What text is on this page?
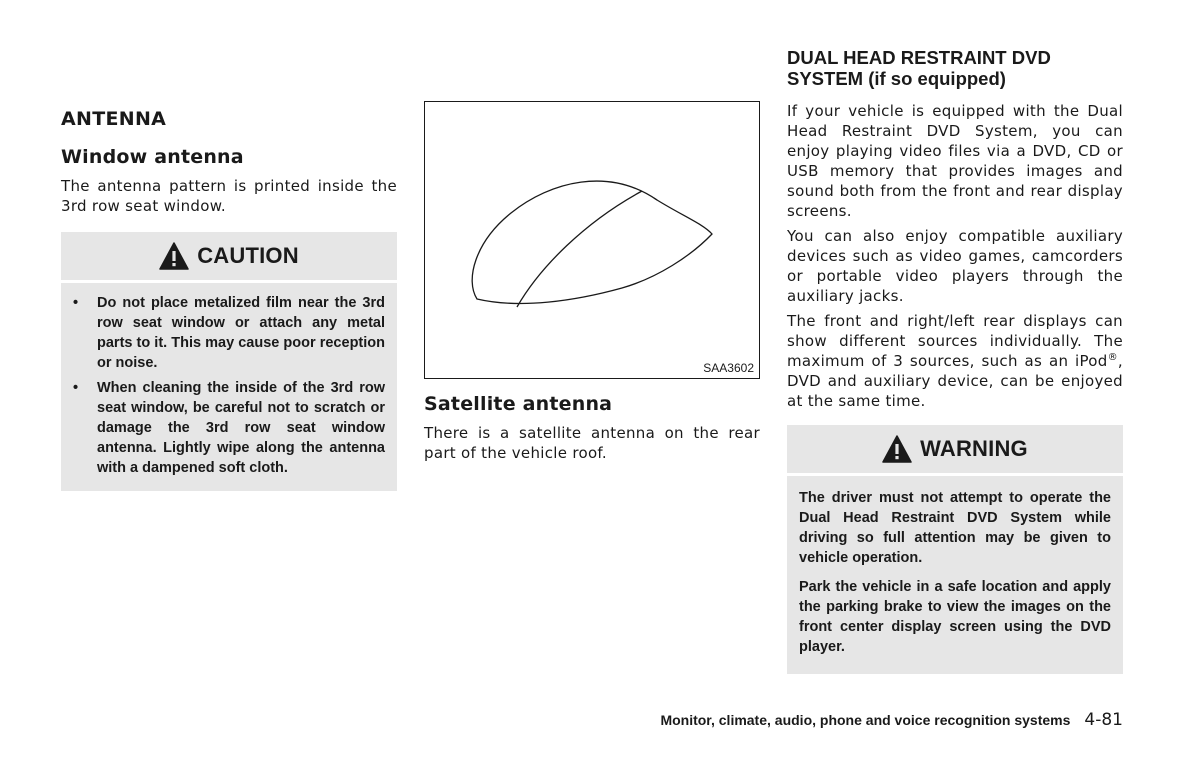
ANTENNA
Window antenna

The antenna pattern is printed inside the 3rd row seat window.

CAUTION
• Do not place metalized film near the 3rd row seat window or attach any metal parts to it. This may cause poor reception or noise.
• When cleaning the inside of the 3rd row seat window, be careful not to scratch or damage the 3rd row seat window antenna. Lightly wipe along the antenna with a dampened soft cloth.
SAA3602
Satellite antenna

There is a satellite antenna on the rear part of the vehicle roof.

DUAL HEAD RESTRAINT DVD SYSTEM (if so equipped)

If your vehicle is equipped with the Dual Head Restraint DVD System, you can enjoy playing video files via a DVD, CD or USB memory that provides images and sound both from the front and rear display screens.

You can also enjoy compatible auxiliary devices such as video games, camcorders or portable video players through the auxiliary jacks.

The front and right/left rear displays can show different sources individually. The maximum of 3 sources, such as an iPod®, DVD and auxiliary device, can be enjoyed at the same time.

WARNING

The driver must not attempt to operate the Dual Head Restraint DVD System while driving so full attention may be given to vehicle operation.

Park the vehicle in a safe location and apply the parking brake to view the images on the front center display screen using the DVD player.

Monitor, climate, audio, phone and voice recognition systems 4-81
